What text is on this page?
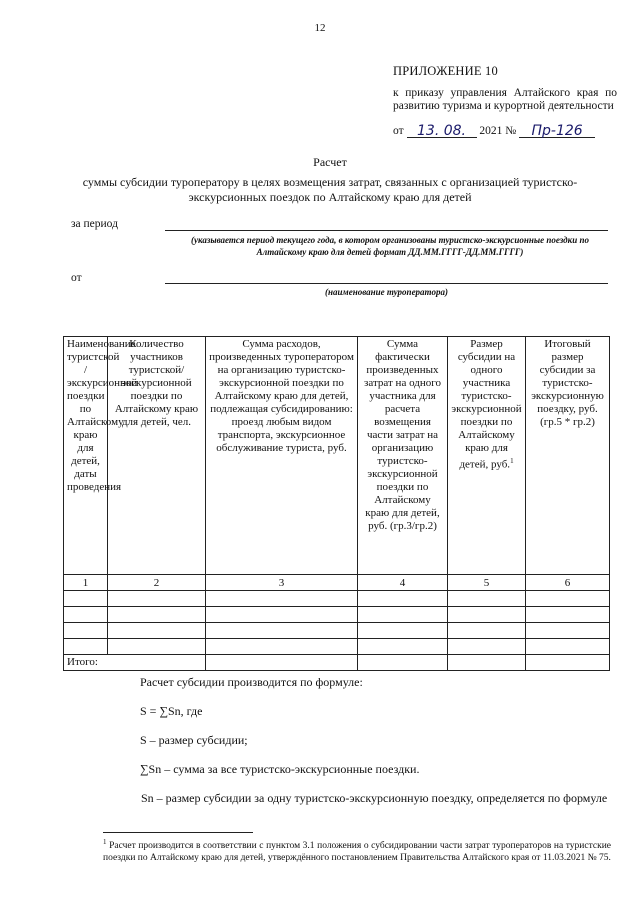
12
ПРИЛОЖЕНИЕ 10
к приказу управления Алтайского края по развитию туризма и курортной деятельности
от 13. 08. 2021 № Пр-126
Расчет
суммы субсидии туроператору в целях возмещения затрат, связанных с организацией туристско-экскурсионных поездок по Алтайскому краю для детей
за период
(указывается период текущего года, в котором организованы туристско-экскурсионные поездки по Алтайскому краю для детей формат ДД.ММ.ГГГГ-ДД.ММ.ГГГГ)
от
(наименование туроператора)
Наименование туристской / экскурсионной поездки по Алтайскому краю для детей, даты проведения	Количество участников туристской/экскурсионной поездки по Алтайскому краю для детей, чел.	Сумма расходов, произведенных туроператором на организацию туристско-экскурсионной поездки по Алтайскому краю для детей, подлежащая субсидированию: проезд любым видом транспорта, экскурсионное обслуживание туриста, руб.	Сумма фактически произведенных затрат на одного участника для расчета возмещения части затрат на организацию туристско-экскурсионной поездки по Алтайскому краю для детей, руб. (гр.3/гр.2)	Размер субсидии на одного участника туристско-экскурсионной поездки по Алтайскому краю для детей, руб.$^1$	Итоговый размер субсидии за туристско-экскурсионную поездку, руб. (гр.5 * гр.2)
1	2	3	4	5	6

Итого:					
Расчет субсидии производится по формуле:
S = ∑Sn, где
S – размер субсидии;
∑Sn – сумма за все туристско-экскурсионные поездки.
Sn – размер субсидии за одну туристско-экскурсионную поездку, определяется по формуле
$^1$ Расчет производится в соответствии с пунктом 3.1 положения о субсидировании части затрат туроператоров на туристские поездки по Алтайскому краю для детей, утверждённого постановлением Правительства Алтайского края от 11.03.2021 № 75.
